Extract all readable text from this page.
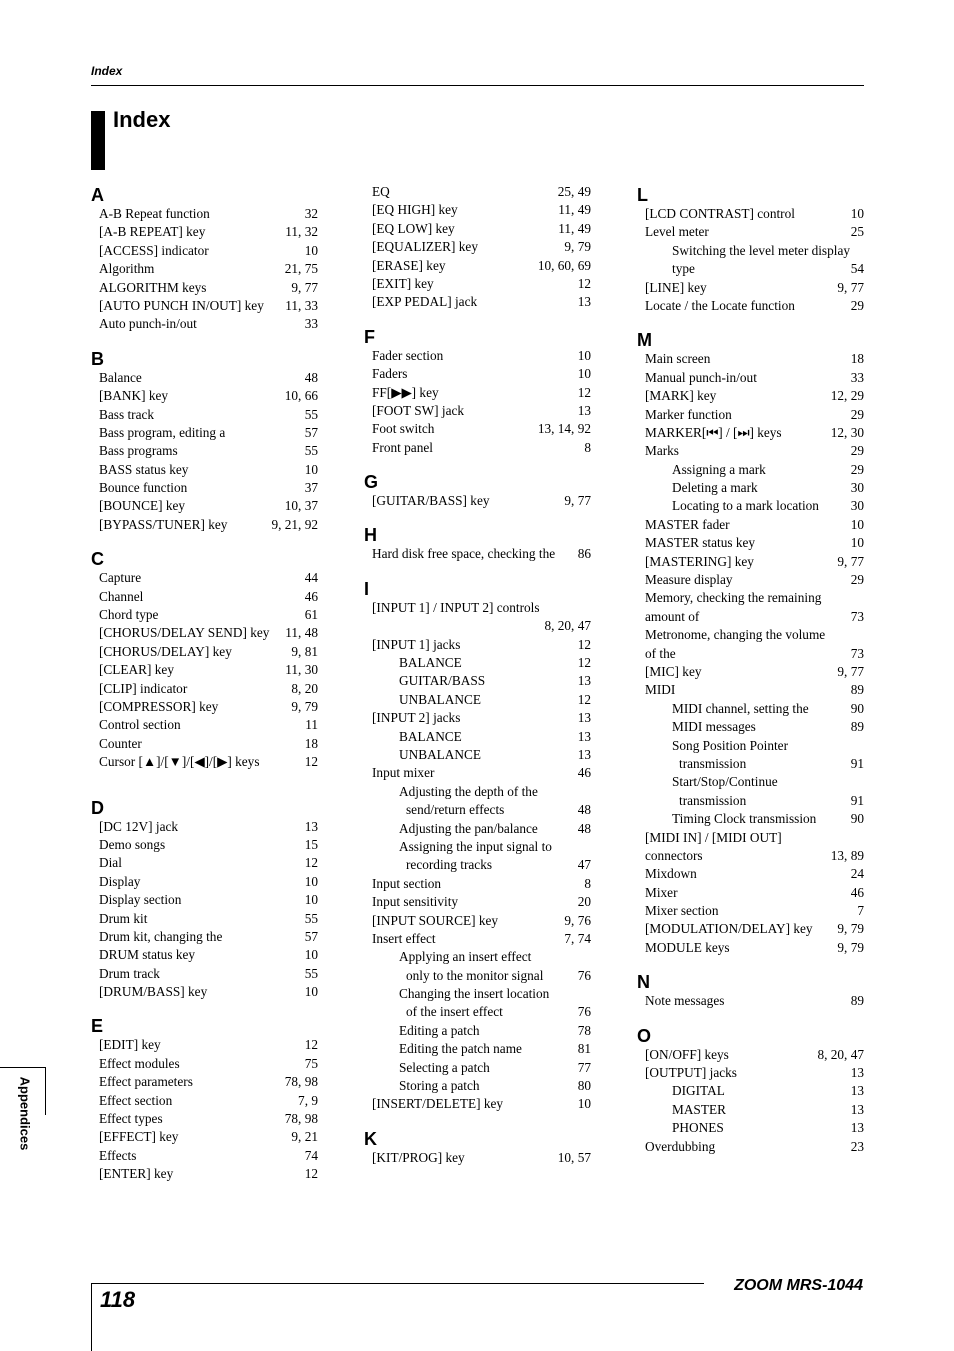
Index
Index
A
A-B Repeat function	32
[A-B REPEAT] key	11, 32
[ACCESS] indicator	10
Algorithm	21, 75
ALGORITHM keys	9, 77
[AUTO PUNCH IN/OUT] key 11, 33
Auto punch-in/out	33
B
Balance	48
[BANK] key	10, 66
Bass track	55
Bass program, editing a	57
Bass programs	55
BASS status key	10
Bounce function	37
[BOUNCE] key	10, 37
[BYPASS/TUNER] key	9, 21, 92
C
Capture	44
Channel	46
Chord type	61
[CHORUS/DELAY SEND] key 11, 48
[CHORUS/DELAY] key	9, 81
[CLEAR] key	11, 30
[CLIP] indicator	8, 20
[COMPRESSOR] key	9, 79
Control section	11
Counter	18
Cursor [▲]/[▼]/[◀]/[▶] keys	12
D
[DC 12V] jack	13
Demo songs	15
Dial	12
Display	10
Display section	10
Drum kit	55
Drum kit, changing the	57
DRUM status key	10
Drum track	55
[DRUM/BASS] key	10
E
[EDIT] key	12
Effect modules	75
Effect parameters	78, 98
Effect section	7, 9
Effect types	78, 98
[EFFECT] key	9, 21
Effects	74
[ENTER] key	12
EQ	25, 49
[EQ HIGH] key	11, 49
[EQ LOW] key	11, 49
[EQUALIZER] key	9, 79
[ERASE] key	10, 60, 69
[EXIT] key	12
[EXP PEDAL] jack	13
F
Fader section	10
Faders	10
FF[▶▶] key	12
[FOOT SW] jack	13
Foot switch	13, 14, 92
Front panel	8
G
[GUITAR/BASS] key	9, 77
H
Hard disk free space, checking the 86
I
[INPUT 1] / INPUT 2] controls
8, 20, 47
[INPUT 1] jacks	12
BALANCE	12
GUITAR/BASS	13
UNBALANCE	12
[INPUT 2] jacks	13
BALANCE	13
UNBALANCE	13
Input mixer	46
Adjusting the depth of the
send/return effects	48
Adjusting the pan/balance	48
Assigning the input signal to
recording tracks	47
Input section	8
Input sensitivity	20
[INPUT SOURCE] key	9, 76
Insert effect	7, 74
Applying an insert effect
only to the monitor signal	76
Changing the insert location
of the insert effect	76
Editing a patch	78
Editing the patch name	81
Selecting a patch	77
Storing a patch	80
[INSERT/DELETE] key	10
K
[KIT/PROG] key	10, 57
L
[LCD CONTRAST] control	10
Level meter	25
Switching the level meter display
type	54
[LINE] key	9, 77
Locate / the Locate function	29
M
Main screen	18
Manual punch-in/out	33
[MARK] key	12, 29
Marker function	29
MARKER[⏮] / [⏭] keys	12, 30
Marks	29
Assigning a mark	29
Deleting a mark	30
Locating to a mark location 30
MASTER fader	10
MASTER status key	10
[MASTERING] key	9, 77
Measure display	29
Memory, checking the remaining
amount of	73
Metronome, changing the volume
of the	73
[MIC] key	9, 77
MIDI	89
MIDI channel, setting the	90
MIDI messages	89
Song Position Pointer
transmission	91
Start/Stop/Continue
transmission	91
Timing Clock transmission	90
[MIDI IN] / [MIDI OUT]
connectors	13, 89
Mixdown	24
Mixer	46
Mixer section	7
[MODULATION/DELAY] key 9, 79
MODULE keys	9, 79
N
Note messages	89
O
[ON/OFF] keys	8, 20, 47
[OUTPUT] jacks	13
DIGITAL	13
MASTER	13
PHONES	13
Overdubbing	23
Appendices
118
ZOOM MRS-1044
